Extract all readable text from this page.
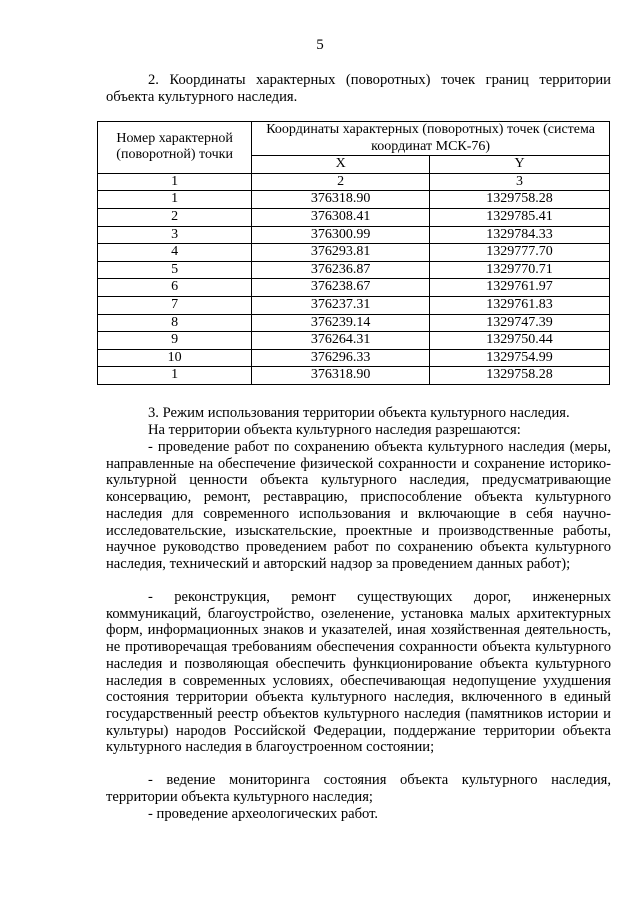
5

2. Координаты характерных (поворотных) точек границ территории объекта культурного наследия.

Номер характерной (поворотной) точки	Координаты характерных (поворотных) точек (система координат МСК-76)	
	X	Y
1	2	3
1	376318.90	1329758.28
2	376308.41	1329785.41
3	376300.99	1329784.33
4	376293.81	1329777.70
5	376236.87	1329770.71
6	376238.67	1329761.97
7	376237.31	1329761.83
8	376239.14	1329747.39
9	376264.31	1329750.44
10	376296.33	1329754.99
1	376318.90	1329758.28

3. Режим использования территории объекта культурного наследия.

На территории объекта культурного наследия разрешаются:

- проведение работ по сохранению объекта культурного наследия (меры, направленные на обеспечение физической сохранности и сохранение историко-культурной ценности объекта культурного наследия, предусматривающие консервацию, ремонт, реставрацию, приспособление объекта культурного наследия для современного использования и включающие в себя научно-исследовательские, изыскательские, проектные и производственные работы, научное руководство проведением работ по сохранению объекта культурного наследия, технический и авторский надзор за проведением данных работ);

- реконструкция, ремонт существующих дорог, инженерных коммуникаций, благоустройство, озеленение, установка малых архитектурных форм, информационных знаков и указателей, иная хозяйственная деятельность, не противоречащая требованиям обеспечения сохранности объекта культурного наследия и позволяющая обеспечить функционирование объекта культурного наследия в современных условиях, обеспечивающая недопущение ухудшения состояния территории объекта культурного наследия, включенного в единый государственный реестр объектов культурного наследия (памятников истории и культуры) народов Российской Федерации, поддержание территории объекта культурного наследия в благоустроенном состоянии;

- ведение мониторинга состояния объекта культурного наследия, территории объекта культурного наследия;

- проведение археологических работ.
